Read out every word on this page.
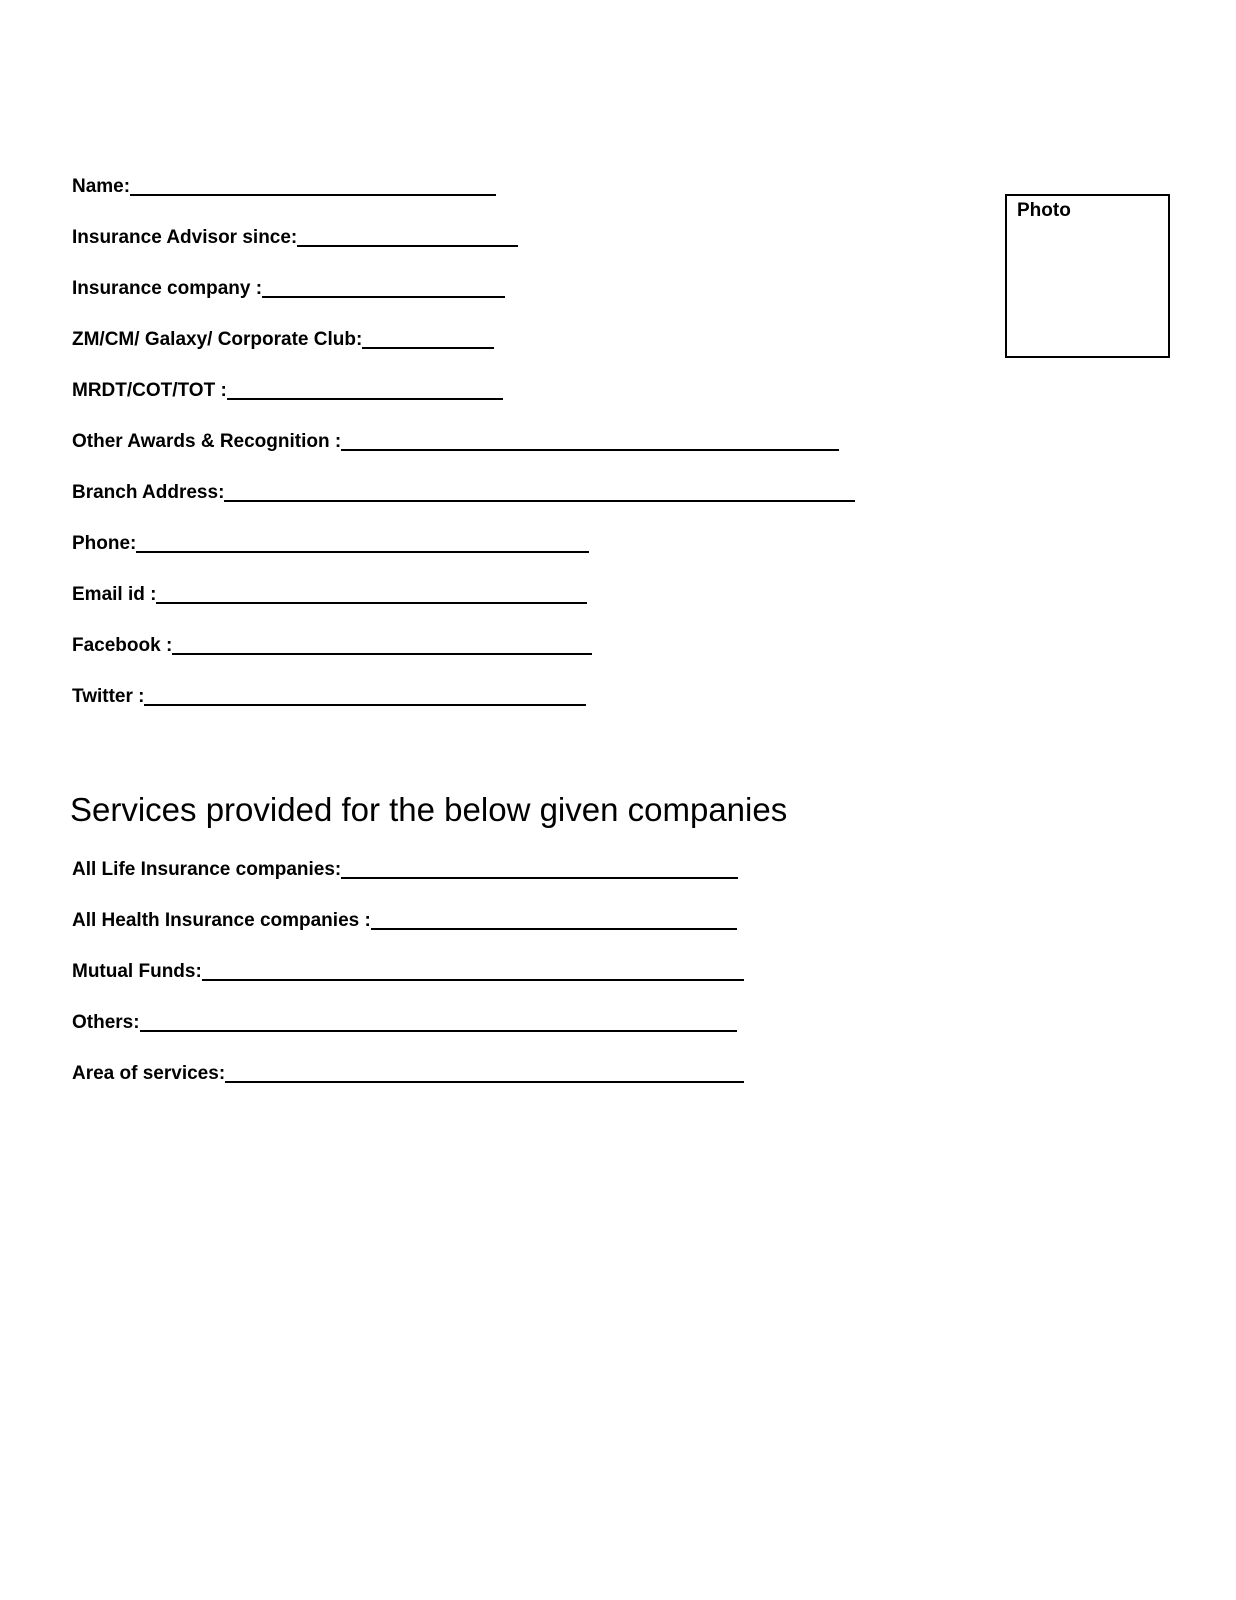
Name:
Insurance Advisor since:
Insurance company :
ZM/CM/ Galaxy/ Corporate Club:
MRDT/COT/TOT :
Other Awards & Recognition :
Branch Address:
Phone:
Email id :
Facebook :
Twitter :
Photo
Services provided for the below given companies
All Life Insurance companies:
All Health Insurance companies :
Mutual Funds:
Others:
Area of services:
